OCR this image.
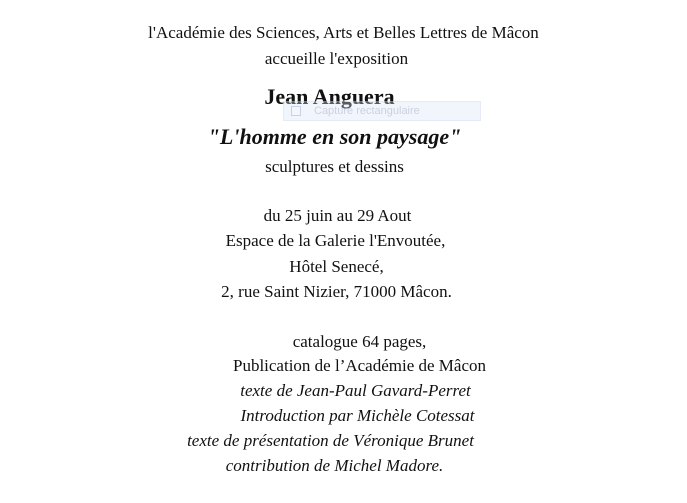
l'Académie des Sciences, Arts et Belles Lettres de Mâcon
accueille l'exposition
Jean Anguera
Capture rectangulaire
"L'homme en son paysage"
sculptures et dessins
du 25 juin au 29 Aout
Espace de la Galerie l'Envoutée,
Hôtel Senecé,
2, rue Saint Nizier, 71000 Mâcon.
catalogue 64 pages,
Publication de l’Académie de Mâcon
texte de Jean-Paul Gavard-Perret
Introduction par Michèle Cotessat
texte de présentation de Véronique Brunet
contribution de Michel Madore.
